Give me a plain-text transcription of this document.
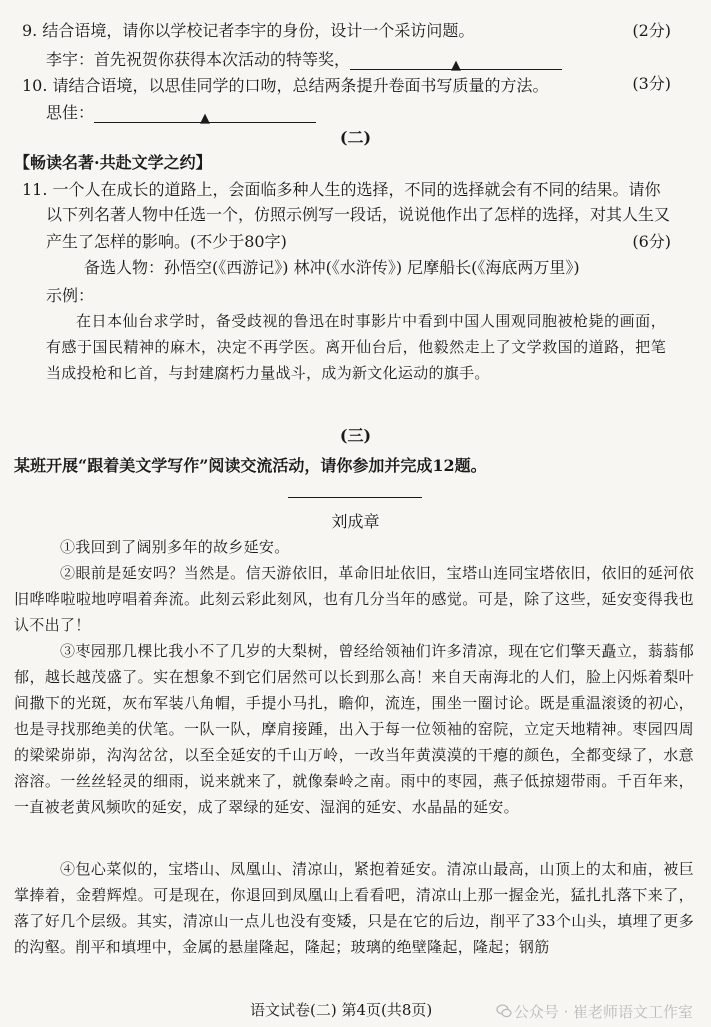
9. 结合语境，请你以学校记者李宇的身份，设计一个采访问题。	(2分)
李宇：首先祝贺你获得本次活动的特等奖，	▲
10. 请结合语境，以思佳同学的口吻，总结两条提升卷面书写质量的方法。	(3分)
思佳：	▲
(二)
【畅读名著·共赴文学之约】
11. 一个人在成长的道路上，会面临多种人生的选择，不同的选择就会有不同的结果。请你
以下列名著人物中任选一个，仿照示例写一段话，说说他作出了怎样的选择，对其人生又
产生了怎样的影响。(不少于80字)	(6分)
备选人物：孙悟空(《西游记》) 林冲(《水浒传》) 尼摩船长(《海底两万里》)
示例：
在日本仙台求学时，备受歧视的鲁迅在时事影片中看到中国人围观同胞被枪毙的画面，有感于国民精神的麻木，决定不再学医。离开仙台后，他毅然走上了文学救国的道路，把笔当成投枪和匕首，与封建腐朽力量战斗，成为新文化运动的旗手。
(三)
某班开展“跟着美文学写作”阅读交流活动，请你参加并完成12题。
刘成章
①我回到了阔别多年的故乡延安。
②眼前是延安吗？当然是。信天游依旧，革命旧址依旧，宝塔山连同宝塔依旧，依旧的延河依旧哗哗啦啦地哼唱着奔流。此刻云彩此刻风，也有几分当年的感觉。可是，除了这些，延安变得我也认不出了！
③枣园那几棵比我小不了几岁的大梨树，曾经给领袖们许多清凉，现在它们擎天矗立，蓊蓊郁郁，越长越茂盛了。实在想象不到它们居然可以长到那么高！来自天南海北的人们，脸上闪烁着梨叶间撒下的光斑，灰布军装八角帽，手提小马扎，瞻仰，流连，围坐一圈讨论。既是重温滚烫的初心，也是寻找那绝美的伏笔。一队一队，摩肩接踵，出入于每一位领袖的窑院，立定天地精神。枣园四周的梁梁峁峁，沟沟岔岔，以至全延安的千山万岭，一改当年黄漠漠的干瘪的颜色，全都变绿了，水意溶溶。一丝丝轻灵的细雨，说来就来了，就像秦岭之南。雨中的枣园，燕子低掠翅带雨。千百年来，一直被老黄风频吹的延安，成了翠绿的延安、湿润的延安、水晶晶的延安。
④包心菜似的，宝塔山、凤凰山、清凉山，紧抱着延安。清凉山最高，山顶上的太和庙，被巨掌捧着，金碧辉煌。可是现在，你退回到凤凰山上看看吧，清凉山上那一握金光，猛扎扎落下来了，落了好几个层级。其实，清凉山一点儿也没有变矮，只是在它的后边，削平了33个山头，填埋了更多的沟壑。削平和填埋中，金属的悬崖隆起，隆起；玻璃的绝壁隆起，隆起；钢筋
语文试卷(二) 第4页(共8页)	公众号 · 崔老师语文工作室
